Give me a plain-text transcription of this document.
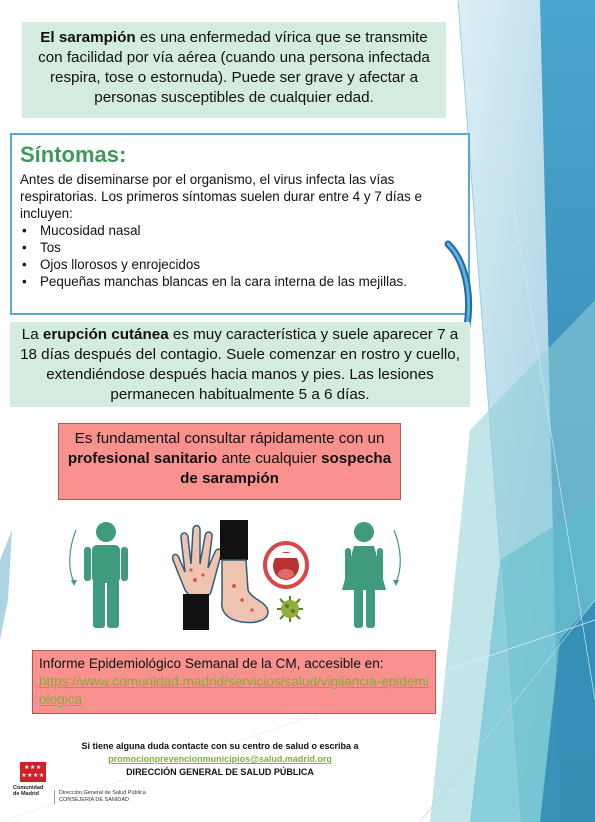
El sarampión es una enfermedad vírica que se transmite con facilidad por vía aérea (cuando una persona infectada respira, tose o estornuda). Puede ser grave y afectar a personas susceptibles de cualquier edad.
Síntomas:
Antes de diseminarse por el organismo, el virus infecta las vías respiratorias. Los primeros síntomas suelen durar entre 4 y 7 días e incluyen:
• Mucosidad nasal
• Tos
• Ojos llorosos y enrojecidos
• Pequeñas manchas blancas en la cara interna de las mejillas.
La erupción cutánea es muy característica y suele aparecer 7 a 18 días después del contagio. Suele comenzar en rostro y cuello, extendiéndose después hacia manos y pies. Las lesiones permanecen habitualmente 5 a 6 días.
Es fundamental consultar rápidamente con un profesional sanitario ante cualquier sospecha de sarampión
Informe Epidemiológico Semanal de la CM, accesible en:
https://www.comunidad.madrid/servicios/salud/vigilancia-epidemiologica
Si tiene alguna duda contacte con su centro de salud o escriba a
promocionprevencionmunicipios@salud.madrid.org
DIRECCIÓN GENERAL DE SALUD PÚBLICA
★★★
★★★★
Dirección General de Salud Pública
CONSEJERÍA DE SANIDAD
Comunidad
de Madrid
